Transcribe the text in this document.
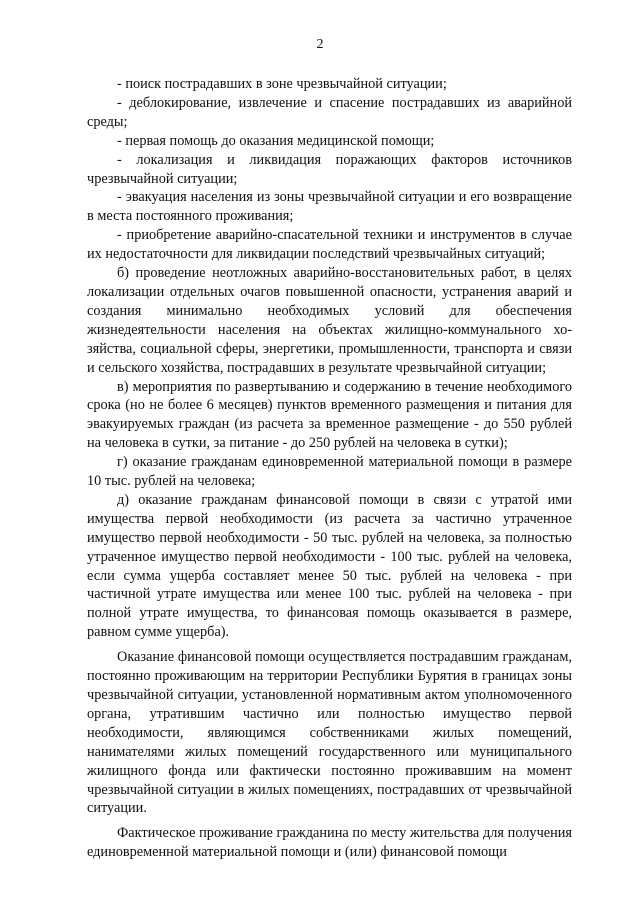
2

- поиск пострадавших в зоне чрезвычайной ситуации;

- деблокирование, извлечение и спасение пострадавших из аварийной среды;

- первая помощь до оказания медицинской помощи;

- локализация и ликвидация поражающих факторов источников чрезвычайной ситуации;

- эвакуация населения из зоны чрезвычайной ситуации и его возвращение в места постоянного проживания;

- приобретение аварийно-спасательной техники и инструментов в случае их недостаточности для ликвидации последствий чрезвычайных ситуаций;

б) проведение неотложных аварийно-восстановительных работ, в целях локализации отдельных очагов повышенной опасности, устранения аварий и создания минимально необходимых условий для обеспечения жизнедеятельности населения на объектах жилищно-коммунального хозяйства, социальной сферы, энергетики, промышленности, транспорта и связи и сельского хозяйства, пострадавших в результате чрезвычайной ситуации;

в) мероприятия по развертыванию и содержанию в течение необходимого срока (но не более 6 месяцев) пунктов временного размещения и питания для эвакуируемых граждан (из расчета за временное размещение - до 550 рублей на человека в сутки, за питание - до 250 рублей на человека в сутки);

г) оказание гражданам единовременной материальной помощи в размере 10 тыс. рублей на человека;

д) оказание гражданам финансовой помощи в связи с утратой ими имущества первой необходимости (из расчета за частично утраченное имущество первой необходимости - 50 тыс. рублей на человека, за полностью утраченное имущество первой необходимости - 100 тыс. рублей на человека, если сумма ущерба составляет менее 50 тыс. рублей на человека - при частичной утрате имущества или менее 100 тыс. рублей на человека - при полной утрате имущества, то финансовая помощь оказывается в размере, равном сумме ущерба).

Оказание финансовой помощи осуществляется пострадавшим гражданам, постоянно проживающим на территории Республики Бурятия в границах зоны чрезвычайной ситуации, установленной нормативным актом уполномоченного органа, утратившим частично или полностью имущество первой необходимости, являющимся собственниками жилых помещений, нанимателями жилых помещений государственного или муниципального жилищного фонда или фактически постоянно проживавшим на момент чрезвычайной ситуации в жилых помещениях, пострадавших от чрезвычайной ситуации.

Фактическое проживание гражданина по месту жительства для получения единовременной материальной помощи и (или) финансовой помощи
